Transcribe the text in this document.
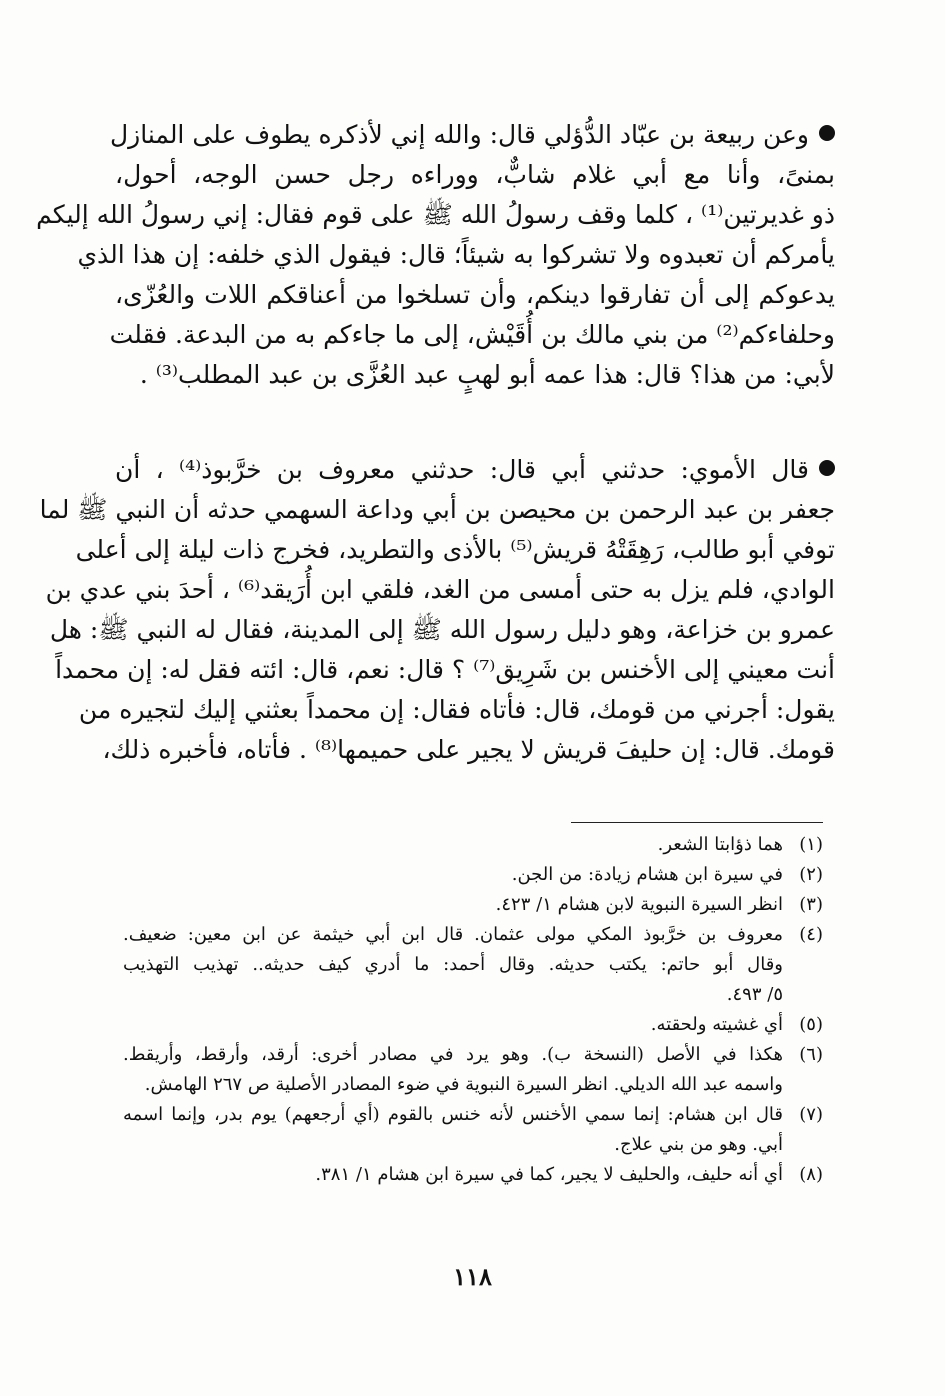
وعن ربيعة بن عبّاد الدُّؤلي قال: والله إني لأذكره يطوف على المنازل
بمنىً، وأنا مع أبي غلام شابٌّ، ووراءه رجل حسن الوجه، أحول،
ذو غديرتين⁽¹⁾ ، كلما وقف رسولُ الله ﷺ على قوم فقال: إني رسولُ الله إليكم
يأمركم أن تعبدوه ولا تشركوا به شيئاً؛ قال: فيقول الذي خلفه: إن هذا الذي
يدعوكم إلى أن تفارقوا دينكم، وأن تسلخوا من أعناقكم اللات والعُزّى،
وحلفاءكم⁽²⁾ من بني مالك بن أُقَيْش، إلى ما جاءكم به من البدعة. فقلت
لأبي: من هذا؟ قال: هذا عمه أبو لهبٍ عبد العُزَّى بن عبد المطلب⁽³⁾ .
قال الأموي: حدثني أبي قال: حدثني معروف بن خرَّبوذ⁽⁴⁾ ، أن
جعفر بن عبد الرحمن بن محيصن بن أبي وداعة السهمي حدثه أن النبي ﷺ لما
توفي أبو طالب، رَهِقَتْهُ قريش⁽⁵⁾ بالأذى والتطريد، فخرج ذات ليلة إلى أعلى
الوادي، فلم يزل به حتى أمسى من الغد، فلقي ابن أُرَيقد⁽⁶⁾ ، أحدَ بني عدي بن
عمرو بن خزاعة، وهو دليل رسول الله ﷺ إلى المدينة، فقال له النبي ﷺ: هل
أنت معيني إلى الأخنس بن شَرِيق⁽⁷⁾ ؟ قال: نعم، قال: ائته فقل له: إن محمداً
يقول: أجرني من قومك، قال: فأتاه فقال: إن محمداً بعثني إليك لتجيره من
قومك. قال: إن حليفَ قريش لا يجير على حميمها⁽⁸⁾ . فأتاه، فأخبره ذلك،
(١)
هما ذؤابتا الشعر.
(٢)
في سيرة ابن هشام زيادة: من الجن.
(٣)
انظر السيرة النبوية لابن هشام ١/ ٤٢٣.
(٤)
معروف بن خرَّبوذ المكي مولى عثمان. قال ابن أبي خيثمة عن ابن معين: ضعيف.
وقال أبو حاتم: يكتب حديثه. وقال أحمد: ما أدري كيف حديثه.. تهذيب التهذيب
٥/ ٤٩٣.
(٥)
أي غشيته ولحقته.
(٦)
هكذا في الأصل (النسخة ب). وهو يرد في مصادر أخرى: أرقد، وأرقط، وأريقط.
واسمه عبد الله الديلي. انظر السيرة النبوية في ضوء المصادر الأصلية ص ٢٦٧ الهامش.
(٧)
قال ابن هشام: إنما سمي الأخنس لأنه خنس بالقوم (أي أرجعهم) يوم بدر، وإنما اسمه
أبي. وهو من بني علاج.
(٨)
أي أنه حليف، والحليف لا يجير، كما في سيرة ابن هشام ١/ ٣٨١.
١١٨
